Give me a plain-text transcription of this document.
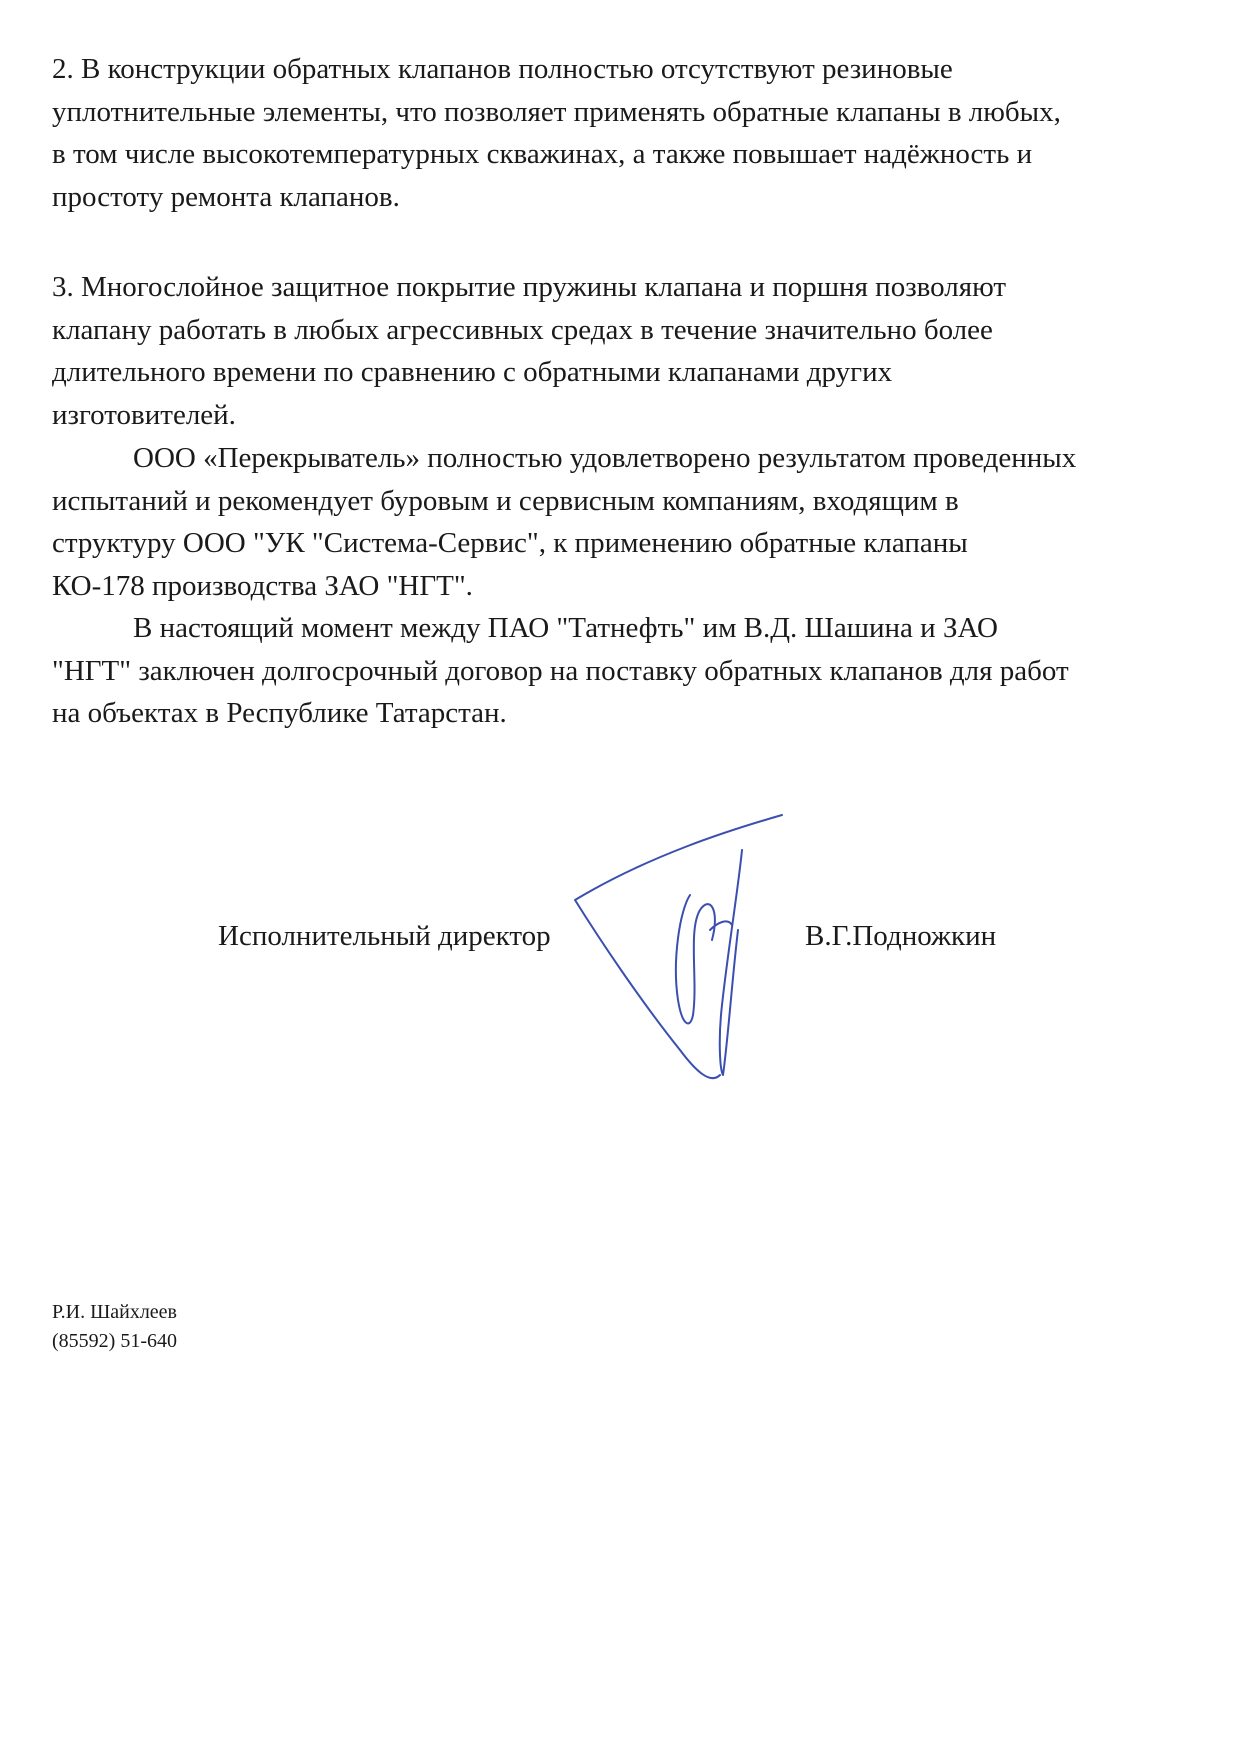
2. В конструкции обратных клапанов полностью отсутствуют резиновые
уплотнительные элементы, что позволяет применять обратные клапаны в любых,
в том числе высокотемпературных скважинах, а также повышает надёжность и
простоту ремонта клапанов.

3. Многослойное защитное покрытие пружины клапана и поршня позволяют
клапану работать в любых агрессивных средах в течение значительно более
длительного времени по сравнению с обратными клапанами других
изготовителей.

ООО «Перекрыватель» полностью удовлетворено результатом проведенных
испытаний и рекомендует буровым и сервисным компаниям, входящим в
структуру ООО "УК "Система-Сервис", к применению обратные клапаны
КО-178 производства ЗАО "НГТ".

В настоящий момент между ПАО "Татнефть" им В.Д. Шашина и ЗАО
"НГТ" заключен долгосрочный договор на поставку обратных клапанов для работ
на объектах в Республике Татарстан.

Исполнительный директор	В.Г.Подножкин
Р.И. Шайхлеев
(85592) 51-640
